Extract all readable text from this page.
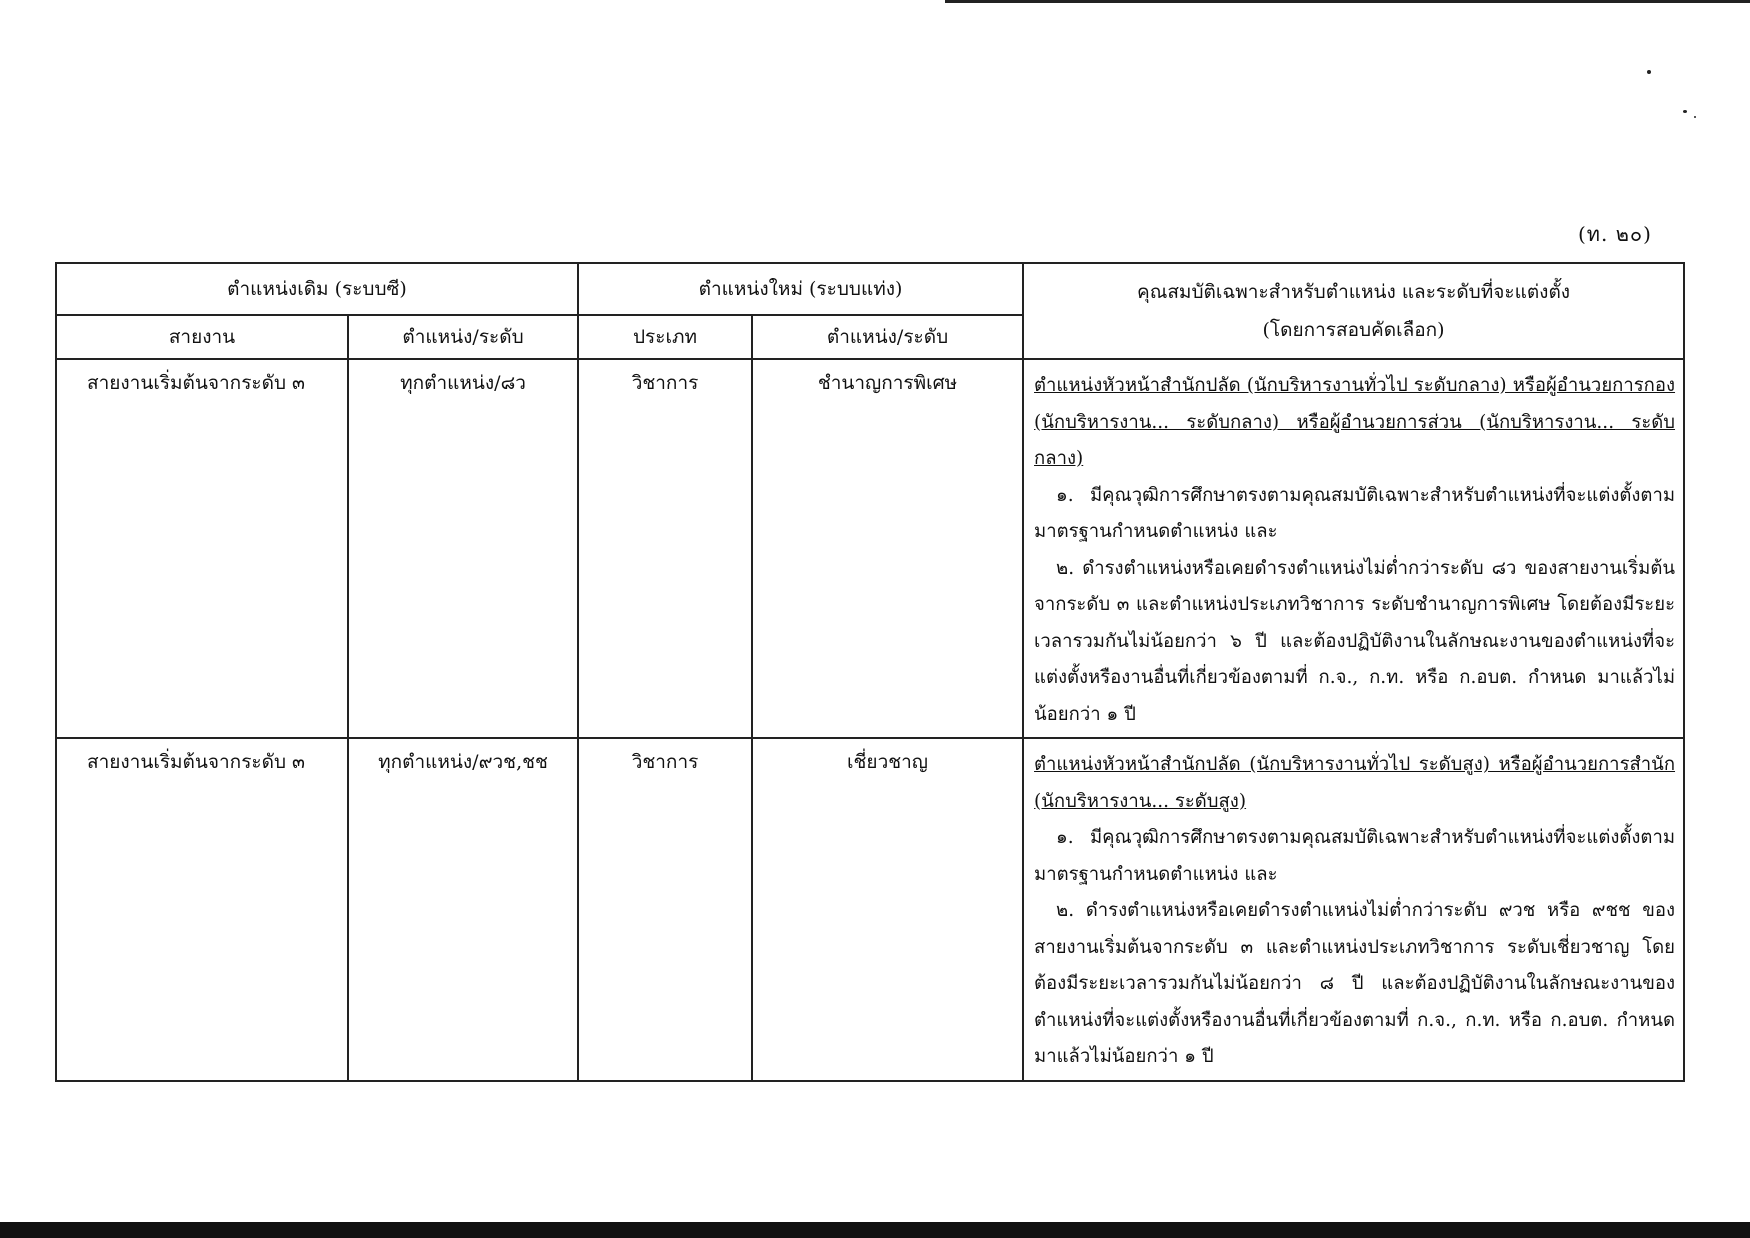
(ท. ๒๐)
ตำแหน่งเดิม (ระบบซี)		ตำแหน่งใหม่ (ระบบแท่ง)		คุณสมบัติเฉพาะสำหรับตำแหน่ง และระดับที่จะแต่งตั้ง
(โดยการสอบคัดเลือก)

สายงาน	ตำแหน่ง/ระดับ	ประเภท	ตำแหน่ง/ระดับ	

สายงานเริ่มต้นจากระดับ ๓	ทุกตำแหน่ง/๘ว	วิชาการ	ชำนาญการพิเศษ	ตำแหน่งหัวหน้าสำนักปลัด (นักบริหารงานทั่วไป ระดับกลาง) หรือผู้อำนวยการกอง (นักบริหารงาน... ระดับกลาง) หรือผู้อำนวยการส่วน (นักบริหารงาน... ระดับกลาง)
๑. มีคุณวุฒิการศึกษาตรงตามคุณสมบัติเฉพาะสำหรับตำแหน่งที่จะแต่งตั้งตามมาตรฐานกำหนดตำแหน่ง และ
๒. ดำรงตำแหน่งหรือเคยดำรงตำแหน่งไม่ต่ำกว่าระดับ ๘ว ของสายงานเริ่มต้นจากระดับ ๓ และตำแหน่งประเภทวิชาการ ระดับชำนาญการพิเศษ โดยต้องมีระยะเวลารวมกันไม่น้อยกว่า ๖ ปี และต้องปฏิบัติงานในลักษณะงานของตำแหน่งที่จะแต่งตั้งหรืองานอื่นที่เกี่ยวข้องตามที่ ก.จ., ก.ท. หรือ ก.อบต. กำหนด มาแล้วไม่น้อยกว่า ๑ ปี

สายงานเริ่มต้นจากระดับ ๓	ทุกตำแหน่ง/๙วช,ชช	วิชาการ	เชี่ยวชาญ	ตำแหน่งหัวหน้าสำนักปลัด (นักบริหารงานทั่วไป ระดับสูง) หรือผู้อำนวยการสำนัก (นักบริหารงาน... ระดับสูง)
๑. มีคุณวุฒิการศึกษาตรงตามคุณสมบัติเฉพาะสำหรับตำแหน่งที่จะแต่งตั้งตามมาตรฐานกำหนดตำแหน่ง และ
๒. ดำรงตำแหน่งหรือเคยดำรงตำแหน่งไม่ต่ำกว่าระดับ ๙วช หรือ ๙ชช ของสายงานเริ่มต้นจากระดับ ๓ และตำแหน่งประเภทวิชาการ ระดับเชี่ยวชาญ โดยต้องมีระยะเวลารวมกันไม่น้อยกว่า ๘ ปี และต้องปฏิบัติงานในลักษณะงานของตำแหน่งที่จะแต่งตั้งหรืองานอื่นที่เกี่ยวข้องตามที่ ก.จ., ก.ท. หรือ ก.อบต. กำหนด มาแล้วไม่น้อยกว่า ๑ ปี
